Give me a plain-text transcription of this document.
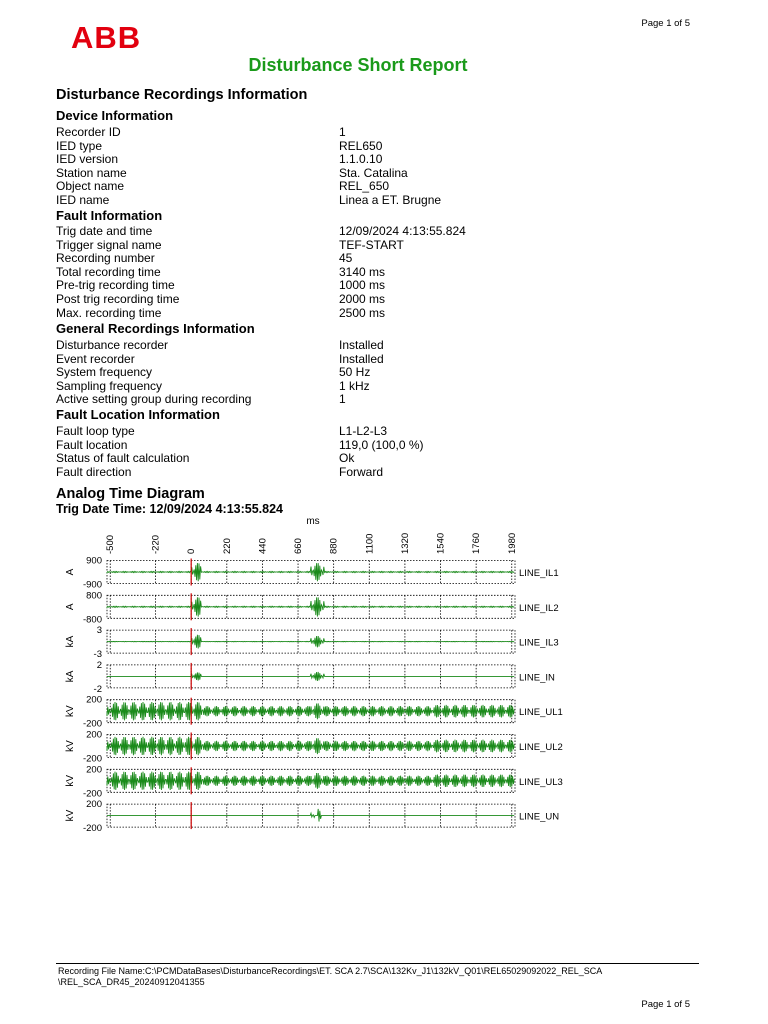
Page 1 of 5
ABB
Disturbance Short Report
Disturbance Recordings Information
Device Information
Recorder ID	1
IED type	REL650
IED version	1.1.0.10
Station name	Sta. Catalina
Object name	REL_650
IED name	Linea a ET. Brugne
Fault Information
Trig date and time	12/09/2024 4:13:55.824
Trigger signal name	TEF-START
Recording number	45
Total recording time	3140 ms
Pre-trig recording time	1000 ms
Post trig recording time	2000 ms
Max. recording time	2500 ms
General Recordings Information
Disturbance recorder	Installed
Event recorder	Installed
System frequency	50 Hz
Sampling frequency	1 kHz
Active setting group during recording	1
Fault Location Information
Fault loop type	L1-L2-L3
Fault location	119,0 (100,0 %)
Status of fault calculation	Ok
Fault direction	Forward
Analog Time Diagram
Trig Date Time: 12/09/2024 4:13:55.824
ms
-500	-220	0	220	440	660	880	1100	1320	1540	1760	1980
900
-900
A	LINE_IL1
800
-800
A	LINE_IL2
3
-3
kA	LINE_IL3
2
-2
kA	LINE_IN
200
-200
kV	LINE_UL1
200
-200
kV	LINE_UL2
200
-200
kV	LINE_UL3
200
-200
kV	LINE_UN
Recording File Name:C:\PCMDataBases\DisturbanceRecordings\ET. SCA 2.7\SCA\132Kv_J1\132kV_Q01\REL65029092022_REL_SCA
\REL_SCA_DR45_20240912041355
Page 1 of 5
